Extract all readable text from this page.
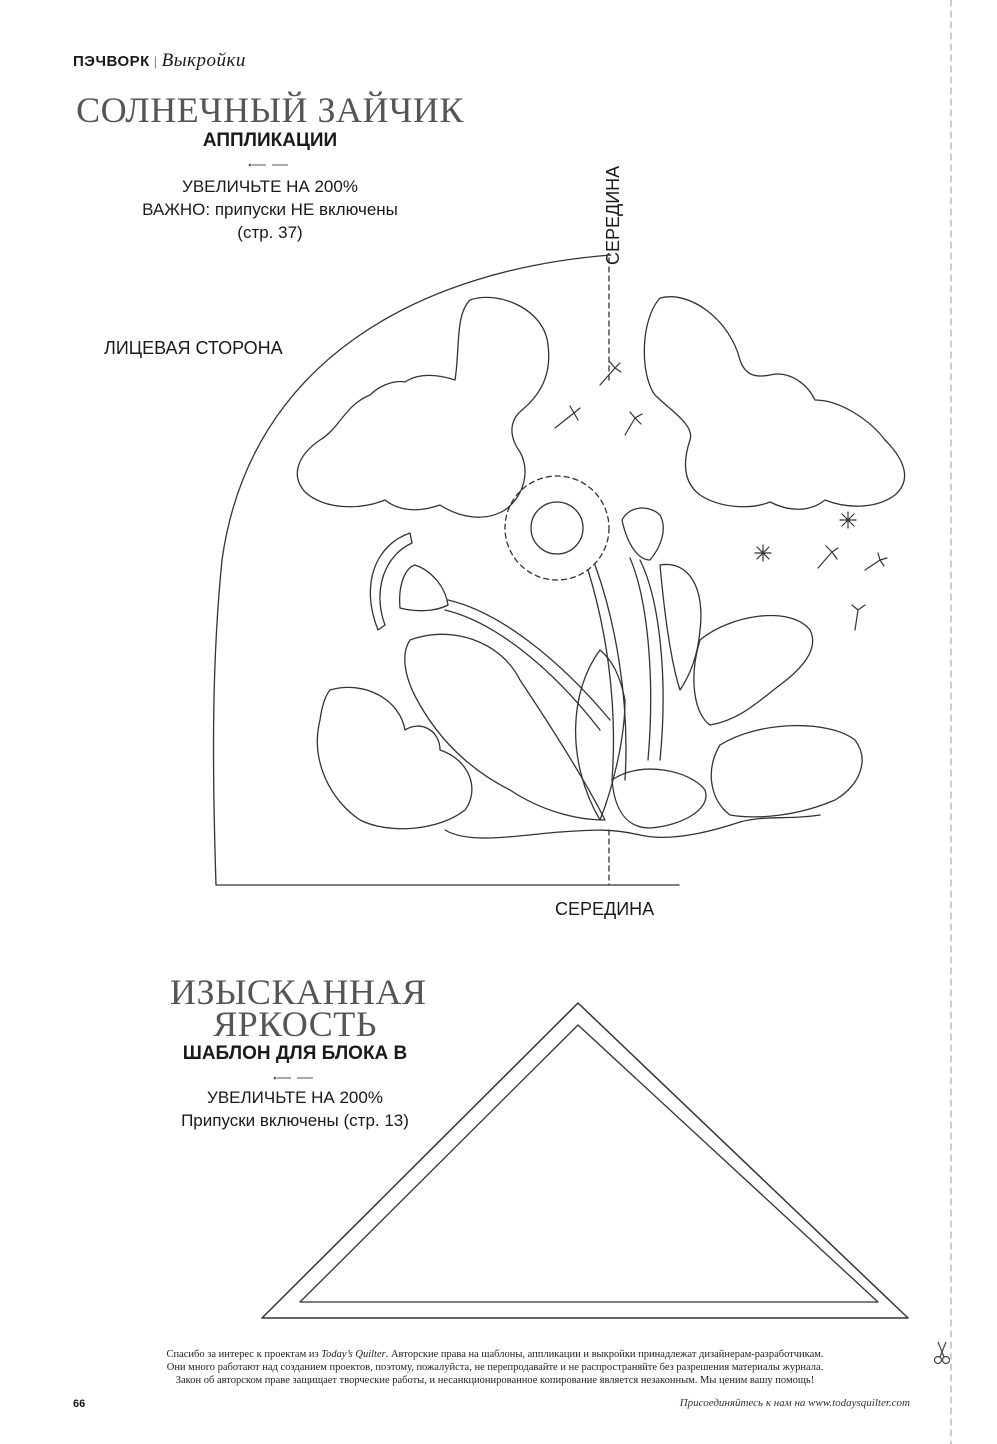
ПЭЧВОРК | Выкройки
СОЛНЕЧНЫЙ ЗАЙЧИК
АППЛИКАЦИИ
УВЕЛИЧЬТЕ НА 200%
ВАЖНО: припуски НЕ включены
(стр. 37)	СЕРЕДИНА
ЛИЦЕВАЯ СТОРОНА
СЕРЕДИНА
ИЗЫСКАННАЯ
ЯРКОСТЬ
ШАБЛОН ДЛЯ БЛОКА В
УВЕЛИЧЬТЕ НА 200%
Припуски включены (стр. 13)
Спасибо за интерес к проектам из Today’s Quilter. Авторские права на шаблоны, аппликации и выкройки принадлежат дизайнерам-разработчикам.
Они много работают над созданием проектов, поэтому, пожалуйста, не перепродавайте и не распространяйте без разрешения материалы журнала.
Закон об авторском праве защищает творческие работы, и несанкционированное копирование является незаконным. Мы ценим вашу помощь!
66	Присоединяйтесь к нам на www.todaysquilter.com
